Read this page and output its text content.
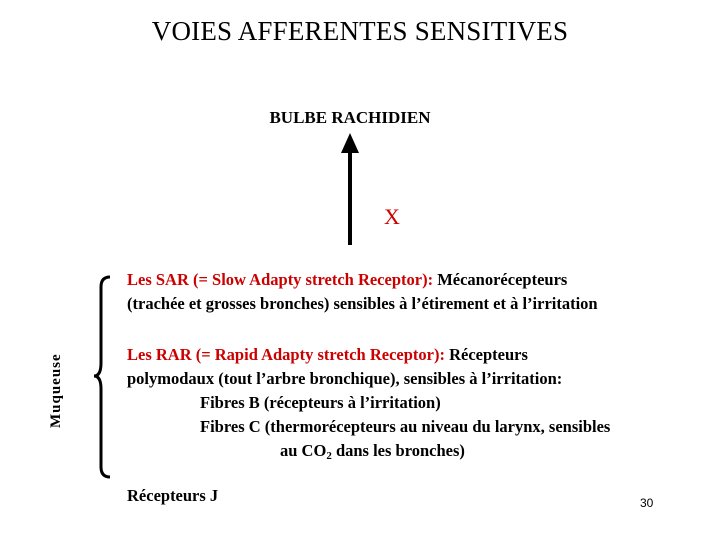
VOIES AFFERENTES SENSITIVES
BULBE RACHIDIEN
X
Muqueuse
Les SAR (= Slow Adapty stretch Receptor): Mécanorécepteurs
(trachée et grosses bronches) sensibles à l’étirement et à l’irritation
Les RAR (= Rapid Adapty stretch Receptor): Récepteurs
polymodaux (tout l’arbre bronchique), sensibles à l’irritation:
Fibres B (récepteurs à l’irritation)
Fibres C (thermorécepteurs au niveau du larynx, sensibles
au $CO_2$ dans les bronches)
Récepteurs J	30
